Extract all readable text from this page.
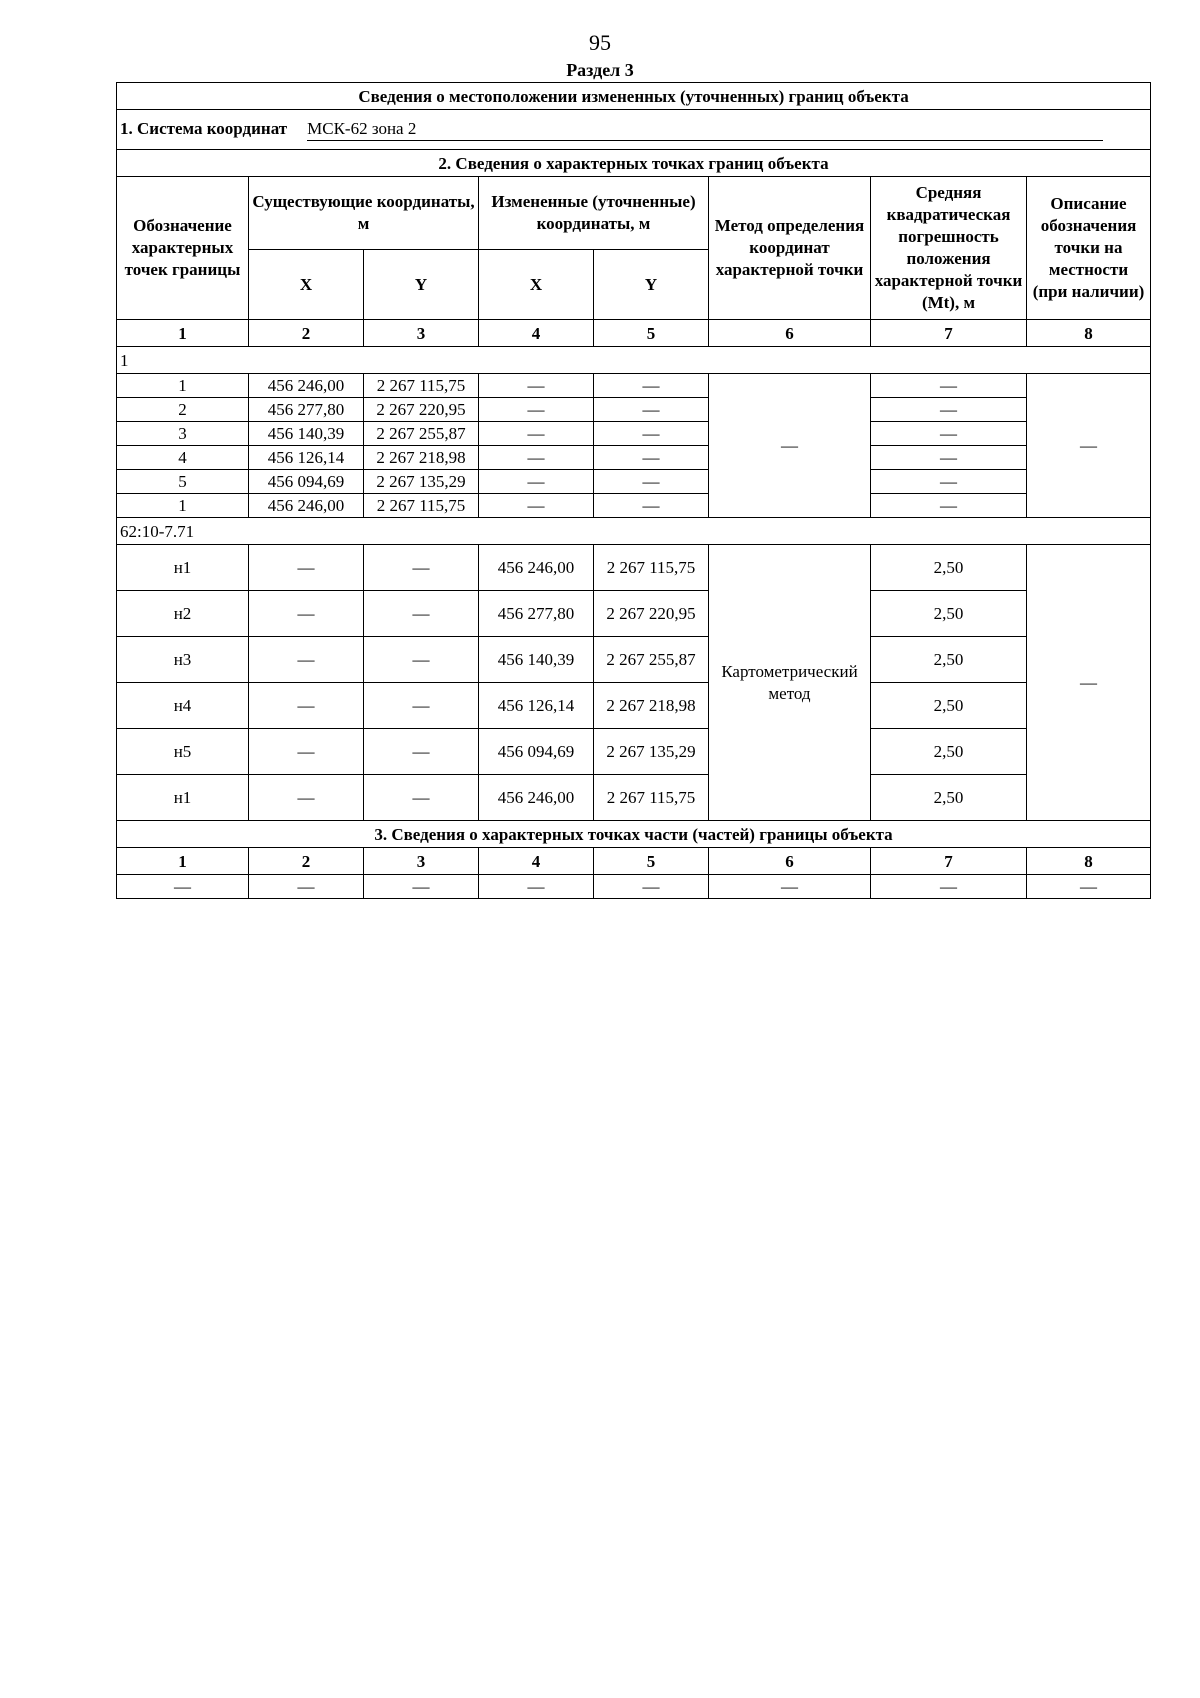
95
Раздел 3
Сведения о местоположении измененных (уточненных) границ объекта							
1. Система координат МСК-62 зона 2							
2. Сведения о характерных точках границ объекта							
Обозначение характерных точек границы	Существующие координаты, м		Измененные (уточненные) координаты, м		Метод определения координат характерной точки	Средняя квадратическая погрешность положения характерной точки (Mt), м	Описание обозначения точки на местности (при наличии)
	X	Y	X	Y			
1	2	3	4	5	6	7	8
1							
1	456 246,00	2 267 115,75	—	—	—	—	—
2	456 277,80	2 267 220,95	—	—		—	
3	456 140,39	2 267 255,87	—	—		—	
4	456 126,14	2 267 218,98	—	—		—	
5	456 094,69	2 267 135,29	—	—		—	
1	456 246,00	2 267 115,75	—	—		—	
62:10-7.71							
н1	—	—	456 246,00	2 267 115,75	Картометрический метод	2,50	—
н2	—	—	456 277,80	2 267 220,95		2,50	
н3	—	—	456 140,39	2 267 255,87		2,50	
н4	—	—	456 126,14	2 267 218,98		2,50	
н5	—	—	456 094,69	2 267 135,29		2,50	
н1	—	—	456 246,00	2 267 115,75		2,50	
3. Сведения о характерных точках части (частей) границы объекта							
1	2	3	4	5	6	7	8
—	—	—	—	—	—	—	—
